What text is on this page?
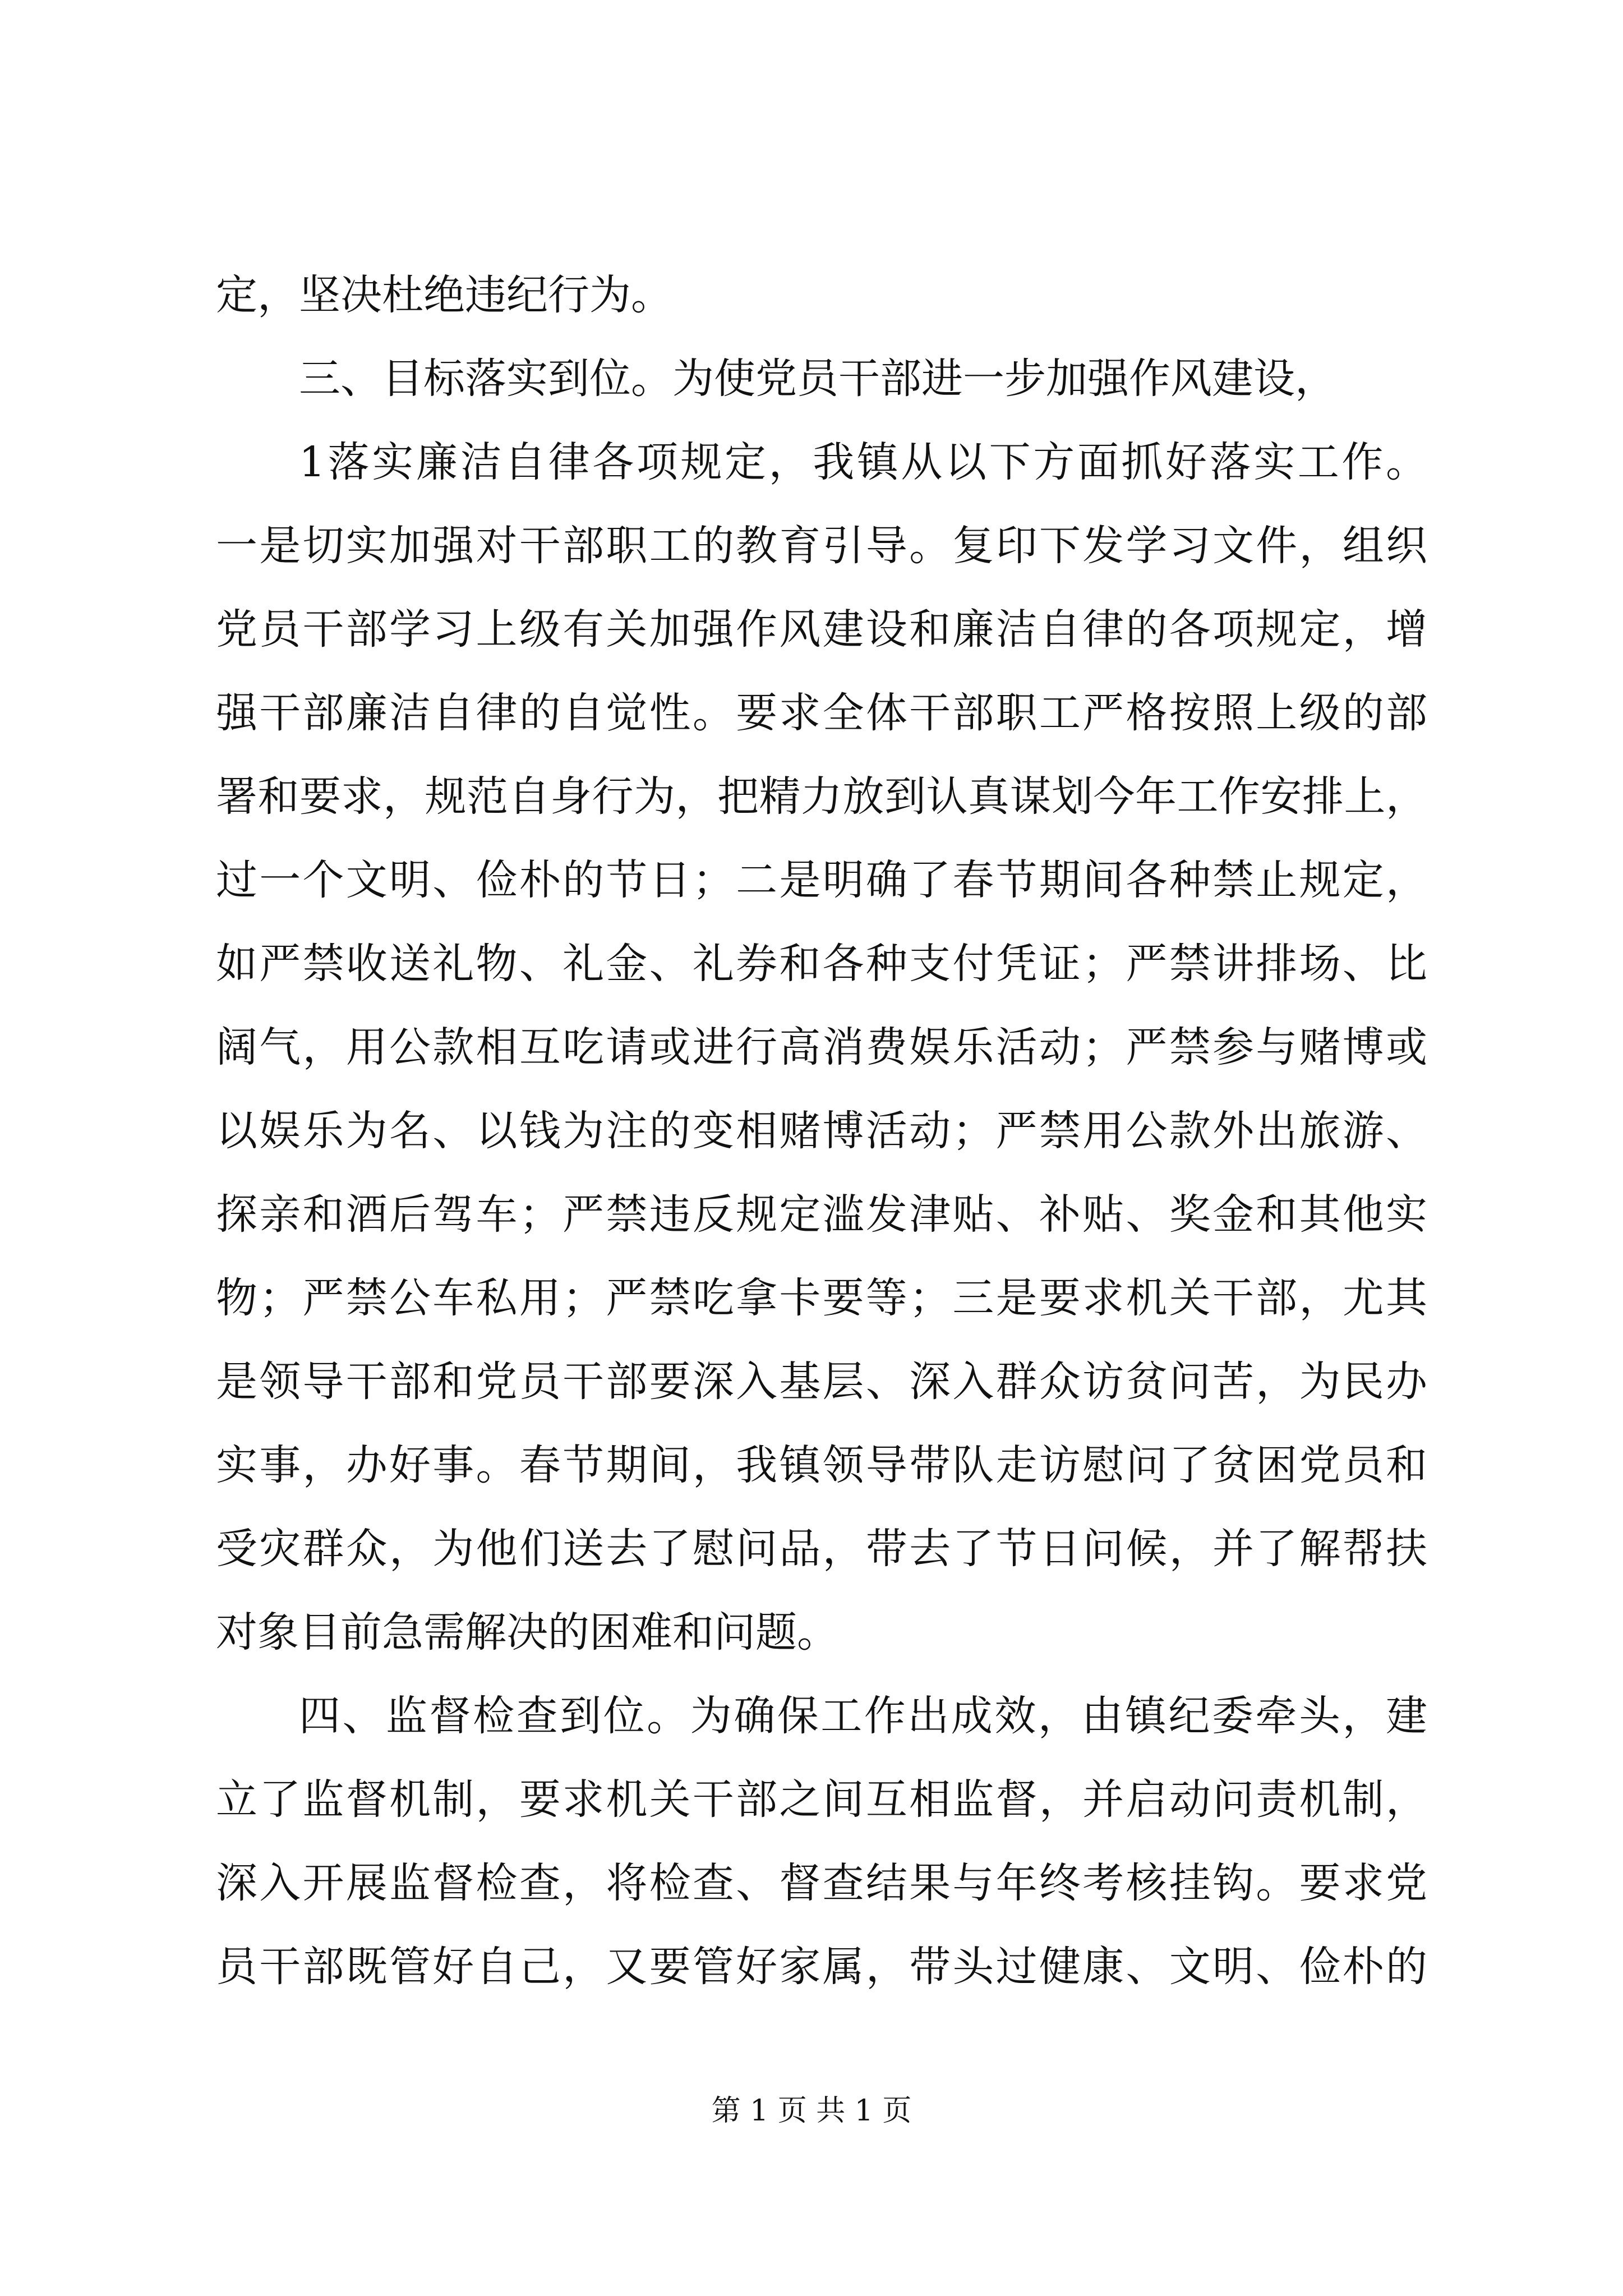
定，坚决杜绝违纪行为。
三、目标落实到位。为使党员干部进一步加强作风建设，
1落实廉洁自律各项规定，我镇从以下方面抓好落实工作。
一是切实加强对干部职工的教育引导。复印下发学习文件，组织
党员干部学习上级有关加强作风建设和廉洁自律的各项规定，增
强干部廉洁自律的自觉性。要求全体干部职工严格按照上级的部
署和要求，规范自身行为，把精力放到认真谋划今年工作安排上，
过一个文明、俭朴的节日；二是明确了春节期间各种禁止规定，
如严禁收送礼物、礼金、礼券和各种支付凭证；严禁讲排场、比
阔气，用公款相互吃请或进行高消费娱乐活动；严禁参与赌博或
以娱乐为名、以钱为注的变相赌博活动；严禁用公款外出旅游、
探亲和酒后驾车；严禁违反规定滥发津贴、补贴、奖金和其他实
物；严禁公车私用；严禁吃拿卡要等；三是要求机关干部，尤其
是领导干部和党员干部要深入基层、深入群众访贫问苦，为民办
实事，办好事。春节期间，我镇领导带队走访慰问了贫困党员和
受灾群众，为他们送去了慰问品，带去了节日问候，并了解帮扶
对象目前急需解决的困难和问题。
四、监督检查到位。为确保工作出成效，由镇纪委牵头，建
立了监督机制，要求机关干部之间互相监督，并启动问责机制，
深入开展监督检查，将检查、督查结果与年终考核挂钩。要求党
员干部既管好自己，又要管好家属，带头过健康、文明、俭朴的
第 1 页 共 1 页
